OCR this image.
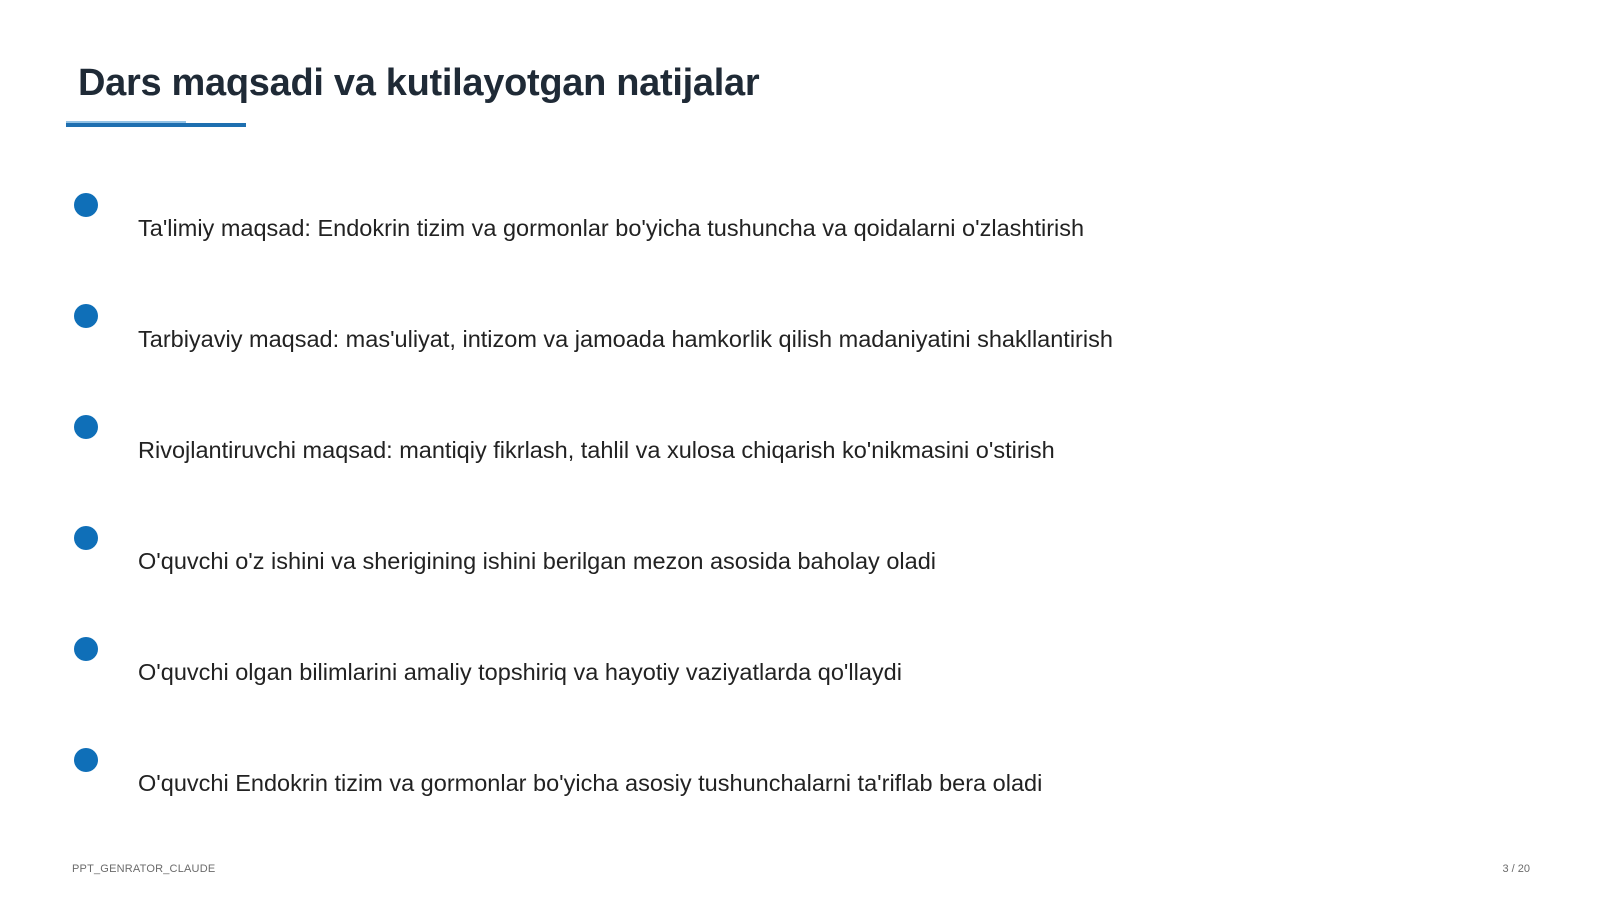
Dars maqsadi va kutilayotgan natijalar
Ta'limiy maqsad: Endokrin tizim va gormonlar bo'yicha tushuncha va qoidalarni o'zlashtirish
Tarbiyaviy maqsad: mas'uliyat, intizom va jamoada hamkorlik qilish madaniyatini shakllantirish
Rivojlantiruvchi maqsad: mantiqiy fikrlash, tahlil va xulosa chiqarish ko'nikmasini o'stirish
O'quvchi o'z ishini va sherigining ishini berilgan mezon asosida baholay oladi
O'quvchi olgan bilimlarini amaliy topshiriq va hayotiy vaziyatlarda qo'llaydi
O'quvchi Endokrin tizim va gormonlar bo'yicha asosiy tushunchalarni ta'riflab bera oladi
PPT_GENRATOR_CLAUDE	3 / 20
